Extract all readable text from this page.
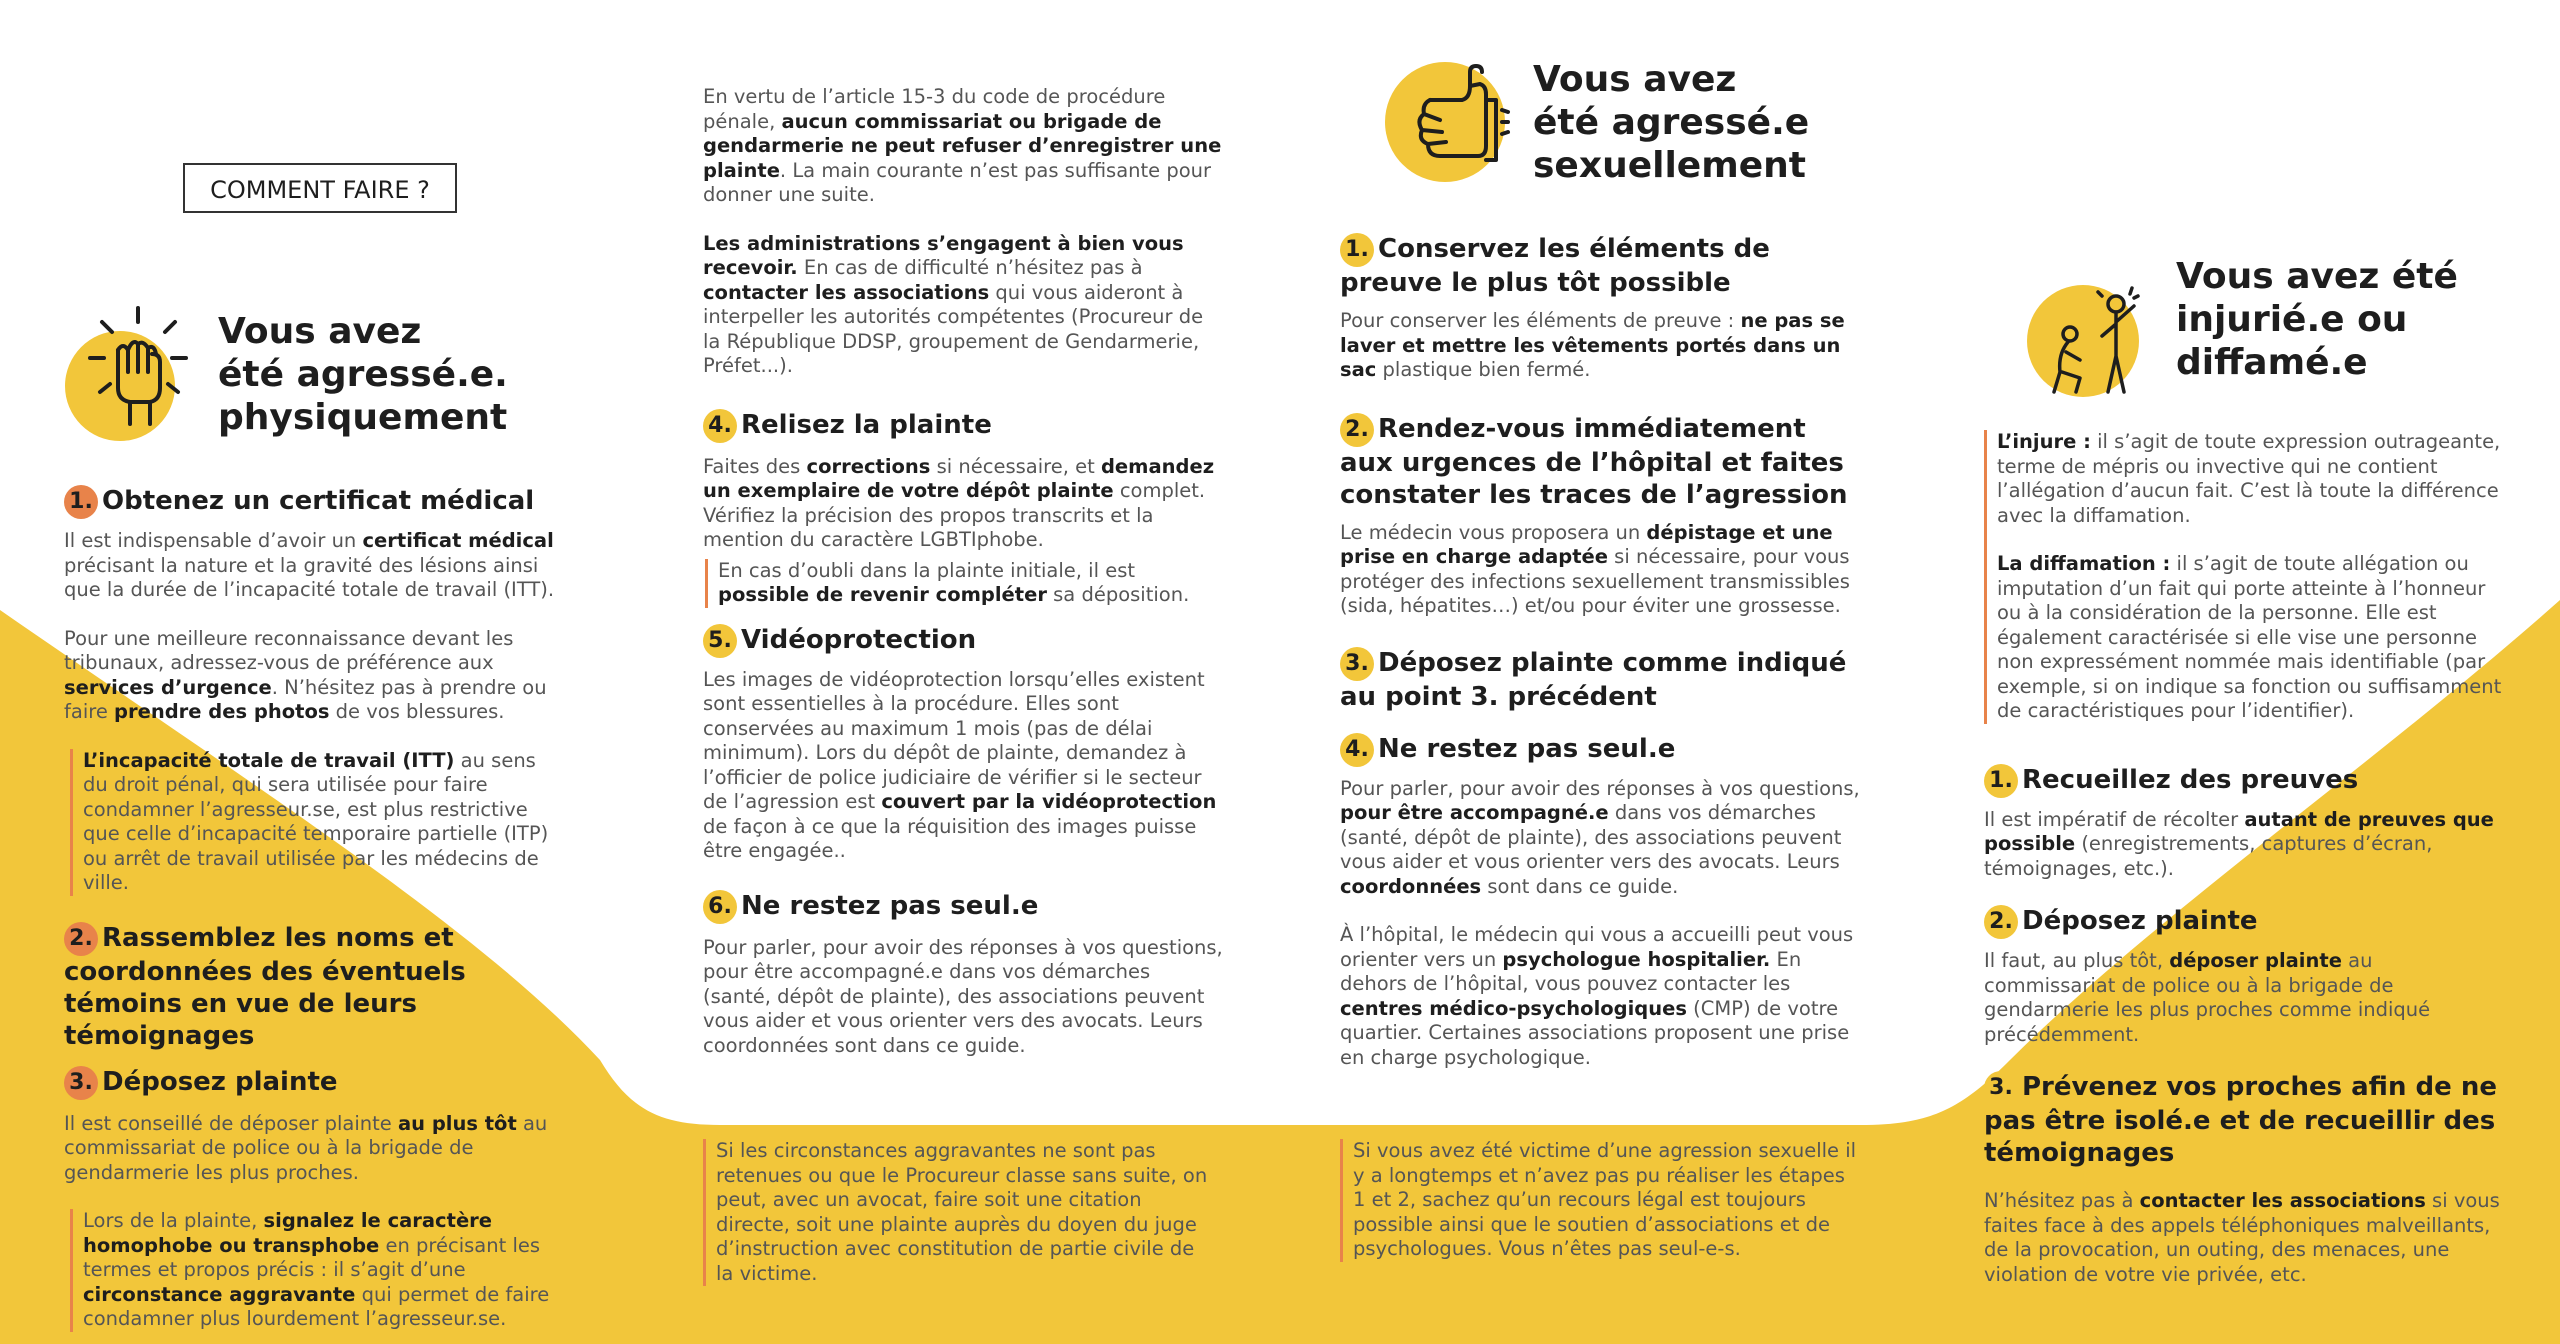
COMMENT FAIRE ?

Vous avez

été agressé.e.

physiquement

1. Obtenez un certificat médical

Il est indispensable d’avoir un certificat médical précisant la nature et la gravité des lésions ainsi que la durée de l’incapacité totale de travail (ITT).

Pour une meilleure reconnaissance devant les tribunaux, adressez-vous de préférence aux services d’urgence. N’hésitez pas à prendre ou faire prendre des photos de vos blessures.

L’incapacité totale de travail (ITT) au sens du droit pénal, qui sera utilisée pour faire condamner l’agresseur.se, est plus restrictive que celle d’incapacité temporaire partielle (ITP) ou arrêt de travail utilisée par les médecins de ville.

2. Rassemblez les noms et coordonnées des éventuels témoins en vue de leurs témoignages

3. Déposez plainte

Il est conseillé de déposer plainte au plus tôt au commissariat de police ou à la brigade de gendarmerie les plus proches.

Lors de la plainte, signalez le caractère homophobe ou transphobe en précisant les termes et propos précis : il s’agit d’une circonstance aggravante qui permet de faire condamner plus lourdement l’agresseur.se.

En vertu de l’article 15-3 du code de procédure pénale, aucun commissariat ou brigade de gendarmerie ne peut refuser d’enregistrer une plainte. La main courante n’est pas suffisante pour donner une suite.

Les administrations s’engagent à bien vous recevoir. En cas de difficulté n’hésitez pas à contacter les associations qui vous aideront à interpeller les autorités compétentes (Procureur de la République DDSP, groupement de Gendarmerie, Préfet...).

4. Relisez la plainte

Faites des corrections si nécessaire, et demandez un exemplaire de votre dépôt plainte complet. Vérifiez la précision des propos transcrits et la mention du caractère LGBTIphobe.

En cas d’oubli dans la plainte initiale, il est possible de revenir compléter sa déposition.

5. Vidéoprotection

Les images de vidéoprotection lorsqu’elles existent sont essentielles à la procédure. Elles sont conservées au maximum 1 mois (pas de délai minimum). Lors du dépôt de plainte, demandez à l’officier de police judiciaire de vérifier si le secteur de l’agression est couvert par la vidéoprotection de façon à ce que la réquisition des images puisse être engagée..

6. Ne restez pas seul.e

Pour parler, pour avoir des réponses à vos questions, pour être accompagné.e dans vos démarches (santé, dépôt de plainte), des associations peuvent vous aider et vous orienter vers des avocats. Leurs coordonnées sont dans ce guide.

Si les circonstances aggravantes ne sont pas retenues ou que le Procureur classe sans suite, on peut, avec un avocat, faire soit une citation directe, soit une plainte auprès du doyen du juge d’instruction avec constitution de partie civile de la victime.

Vous avez

été agressé.e

sexuellement

1. Conservez les éléments de preuve le plus tôt possible

Pour conserver les éléments de preuve : ne pas se laver et mettre les vêtements portés dans un sac plastique bien fermé.

2. Rendez-vous immédiatement aux urgences de l’hôpital et faites constater les traces de l’agression

Le médecin vous proposera un dépistage et une prise en charge adaptée si nécessaire, pour vous protéger des infections sexuellement transmissibles (sida, hépatites…) et/ou pour éviter une grossesse.

3. Déposez plainte comme indiqué au point 3. précédent

4. Ne restez pas seul.e

Pour parler, pour avoir des réponses à vos questions, pour être accompagné.e dans vos démarches (santé, dépôt de plainte), des associations peuvent vous aider et vous orienter vers des avocats. Leurs coordonnées sont dans ce guide.

À l’hôpital, le médecin qui vous a accueilli peut vous orienter vers un psychologue hospitalier. En dehors de l’hôpital, vous pouvez contacter les centres médico-psychologiques (CMP) de votre quartier. Certaines associations proposent une prise en charge psychologique.

Si vous avez été victime d’une agression sexuelle il y a longtemps et n’avez pas pu réaliser les étapes 1 et 2, sachez qu’un recours légal est toujours possible ainsi que le soutien d’associations et de psychologues. Vous n’êtes pas seul-e-s.

Vous avez été

injurié.e ou

diffamé.e

L’injure : il s’agit de toute expression outrageante, terme de mépris ou invective qui ne contient l’allégation d’aucun fait. C’est là toute la différence avec la diffamation.

La diffamation : il s’agit de toute allégation ou imputation d’un fait qui porte atteinte à l’honneur ou à la considération de la personne. Elle est également caractérisée si elle vise une personne non expressément nommée mais identifiable (par exemple, si on indique sa fonction ou suffisamment de caractéristiques pour l’identifier).

1. Recueillez des preuves

Il est impératif de récolter autant de preuves que possible (enregistrements, captures d’écran, témoignages, etc.).

2. Déposez plainte

Il faut, au plus tôt, déposer plainte au commissariat de police ou à la brigade de gendarmerie les plus proches comme indiqué précédemment.

3. Prévenez vos proches afin de ne pas être isolé.e et de recueillir des témoignages

N’hésitez pas à contacter les associations si vous faites face à des appels téléphoniques malveillants, de la provocation, un outing, des menaces, une violation de votre vie privée, etc.
